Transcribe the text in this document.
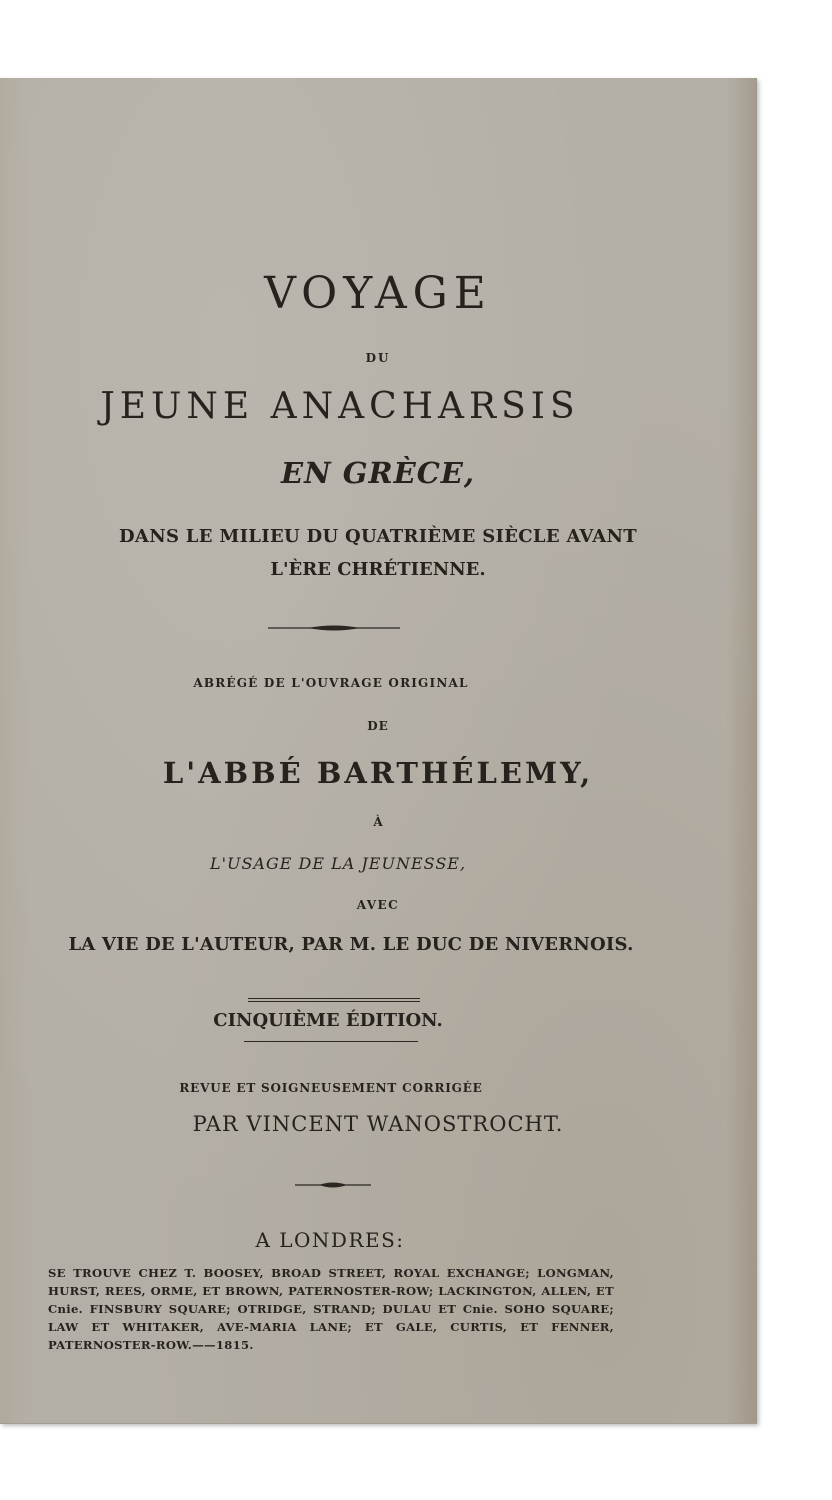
VOYAGE
DU
JEUNE ANACHARSIS
EN GRÈCE,
DANS LE MILIEU DU QUATRIÈME SIÈCLE AVANT
L'ÈRE CHRÉTIENNE.
ABRÉGÉ DE L'OUVRAGE ORIGINAL
DE
L'ABBÉ BARTHÉLEMY,
À
L'USAGE DE LA JEUNESSE,
AVEC
LA VIE DE L'AUTEUR, PAR M. LE DUC DE NIVERNOIS.
CINQUIÈME ÉDITION.
REVUE ET SOIGNEUSEMENT CORRIGÉE
PAR VINCENT WANOSTROCHT.
A LONDRES:
SE TROUVE CHEZ T. BOOSEY, BROAD STREET, ROYAL EXCHANGE; LONGMAN, HURST, REES, ORME, ET BROWN, PATERNOSTER-ROW; LACKINGTON, ALLEN, ET Cnie. FINSBURY SQUARE; OTRIDGE, STRAND; DULAU ET Cnie. SOHO SQUARE; LAW ET WHITAKER, AVE-MARIA LANE; ET GALE, CURTIS, ET FENNER, PATERNOSTER-ROW.——1815.
